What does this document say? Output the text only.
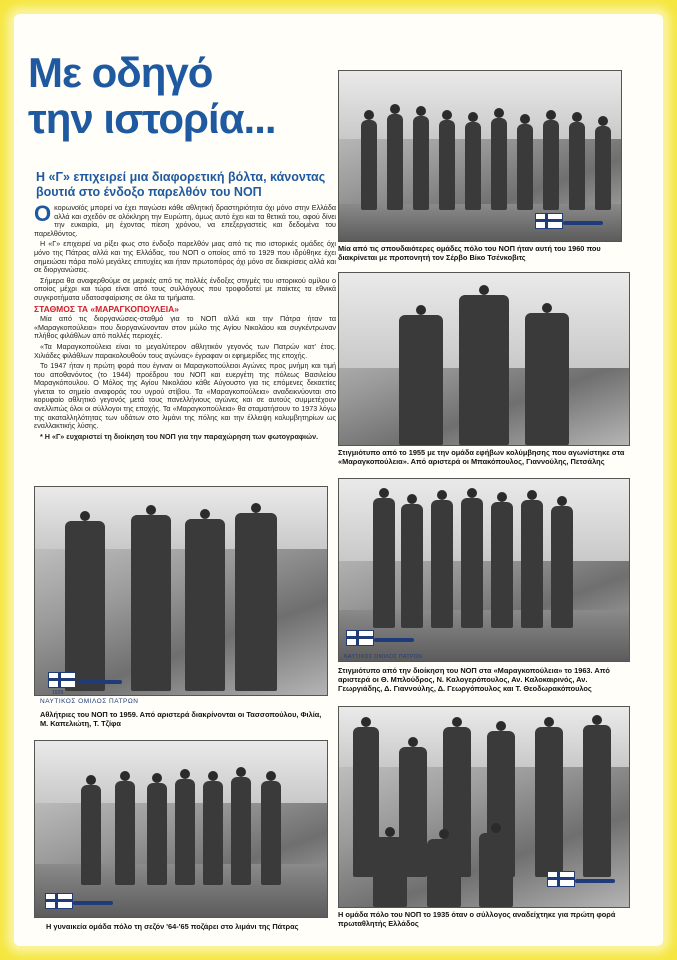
Με οδηγό
την ιστορία...
Η «Γ» επιχειρεί μια διαφορετική βόλτα, κάνοντας βουτιά στο ένδοξο παρελθόν του ΝΟΠ

Οκορωνοϊός μπορεί να έχει παγώσει κάθε αθλητική δραστηριότητα όχι μόνο στην Ελλάδα αλλά και σχεδόν σε ολόκληρη την Ευρώπη, όμως αυτό έχει και τα θετικά του, αφού δίνει την ευκαιρία, μη έχοντας πίεση χρόνου, να επεξεργαστείς και δεδομένα του παρελθόντος.

Η «Γ» επιχειρεί να ρίξει φως στο ένδοξο παρελθόν μιας από τις πιο ιστορικές ομάδες όχι μόνο της Πάτρας αλλά και της Ελλάδας, του ΝΟΠ ο οποίος από το 1929 που ιδρύθηκε έχει σημειώσει πάρα πολύ μεγάλες επιτυχίες και ήταν πρωτοπόρος όχι μόνο σε διακρίσεις αλλά και σε διοργανώσεις.

Σήμερα θα αναφερθούμε σε μερικές από τις πολλές ένδοξες στιγμές του ιστορικού ομίλου ο οποίος μέχρι και τώρα είναι από τους συλλόγους που τροφοδοτεί με παίκτες τα εθνικά συγκροτήματα υδατοσφαίρισης σε όλα τα τμήματα.

ΣΤΑΘΜΟΣ ΤΑ «ΜΑΡΑΓΚΟΠΟΥΛΕΙΑ»

Μία από τις διοργανώσεις-σταθμό για το ΝΟΠ αλλά και την Πάτρα ήταν τα «Μαραγκοπούλεια» που διοργανώνονταν στον μώλο της Αγίου Νικολάου και συγκέντρωναν πλήθος φιλάθλων από πολλές περιοχές.

«Τα Μαραγκοπούλεια είναι το μεγαλύτερον αθλητικόν γεγονός των Πατρών κατ' έτος. Χιλιάδες φιλάθλων παρακολουθούν τους αγώνας» έγραφαν οι εφημερίδες της εποχής.

Το 1947 ήταν η πρώτη φορά που έγιναν οι Μαραγκοπούλειοι Αγώνες προς μνήμη και τιμή του αποθανόντος (το 1944) προέδρου του ΝΟΠ και ευεργέτη της πόλεως Βασιλείου Μαραγκόπουλου. Ο Μόλος της Αγίου Νικολάου κάθε Αύγουστο για τις επόμενες δεκαετίες γίνεται το σημείο αναφοράς του υγρού στίβου. Τα «Μαραγκοπούλεια» αναδεικνύονται στο κορυφαίο αθλητικό γεγονός μετά τους πανελλήνιους αγώνες και σε αυτούς συμμετέχουν ανελλιπώς όλοι οι σύλλογοι της εποχής. Τα «Μαραγκοπούλεια» θα σταματήσουν το 1973 λόγω της ακαταλληλότητας των υδάτων στο λιμάνι της πόλης και την έλλειψη κολυμβητηρίων ως εναλλακτικής λύσης.

* Η «Γ» ευχαριστεί τη διοίκηση του ΝΟΠ για την παραχώρηση των φωτογραφιών.

Μία από τις σπουδαιότερες ομάδες πόλο του ΝΟΠ ήταν αυτή του 1960 που διακρίνεται με προπονητή τον Σέρβο Βίκο Τσένκοβιτς
Στιγμιότυπο από το 1955 με την ομάδα εφήβων κολύμβησης που αγωνίστηκε στα «Μαραγκοπούλεια». Από αριστερά οι Μπακόπουλος, Γιαννούλης, Πετσάλης
1929
ΝΑΥΤΙΚΟΣ ΟΜΙΛΟΣ ΠΑΤΡΩΝ
Αθλήτριες του ΝΟΠ το 1959. Από αριστερά διακρίνονται οι Τασσοπούλου, Φιλία, Μ. Καπελιώτη, Τ. Τζίφα
ΝΑΥΤΙΚΟΣ ΟΜΙΛΟΣ ΠΑΤΡΩΝ
Στιγμιότυπο από την διοίκηση του ΝΟΠ στα «Μαραγκοπούλεια» το 1963. Από αριστερά οι Θ. Μπλούδρος, Ν. Καλογερόπουλος, Αν. Καλοκαιρινός, Αν. Γεωργιάδης, Δ. Γιαννούλης, Δ. Γεωργόπουλος και Τ. Θεοδωρακόπουλος
Η γυναικεία ομάδα πόλο τη σεζόν '64-'65 ποζάρει στο λιμάνι της Πάτρας
Η ομάδα πόλο του ΝΟΠ το 1935 όταν ο σύλλογος αναδείχτηκε για πρώτη φορά πρωταθλητής Ελλάδος
